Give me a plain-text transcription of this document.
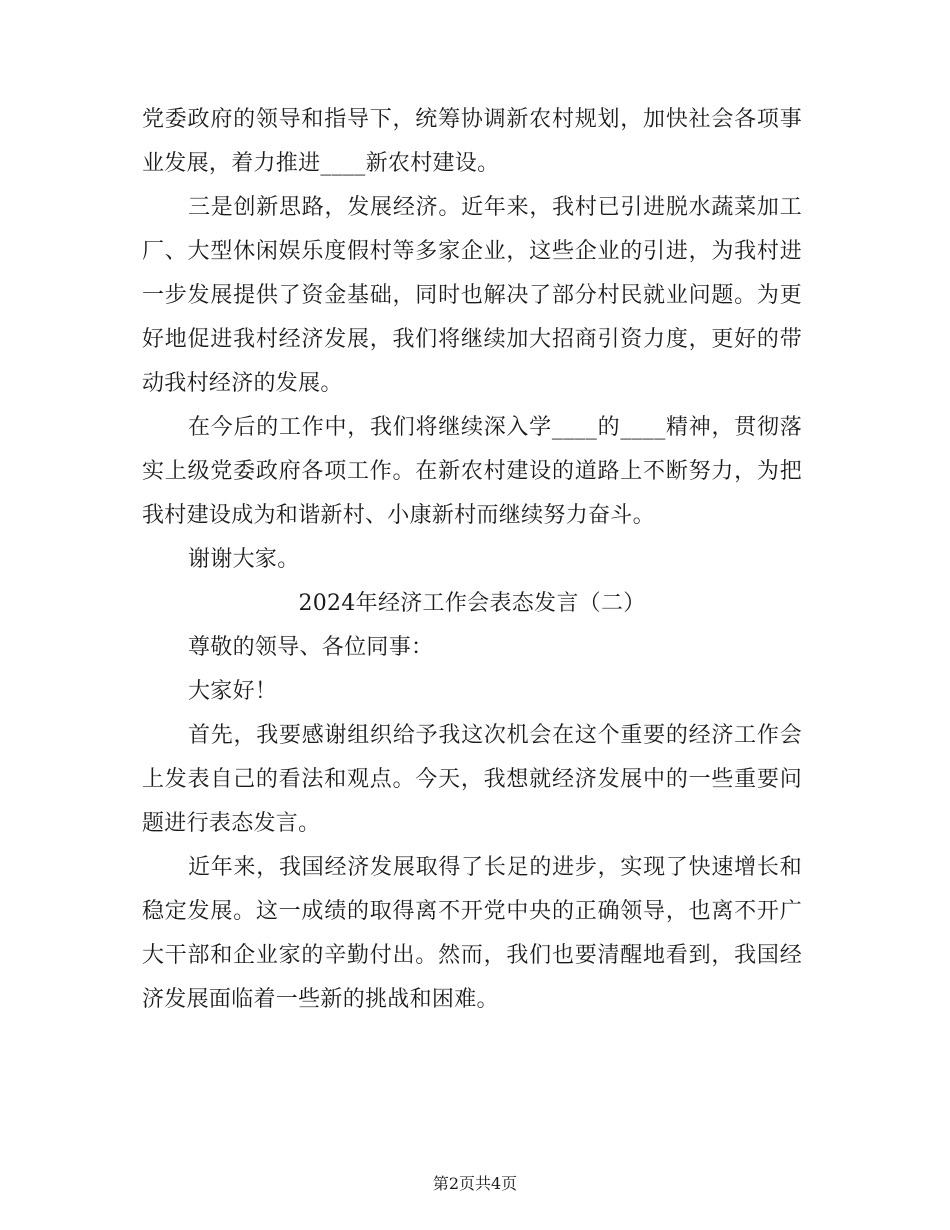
党委政府的领导和指导下，统筹协调新农村规划，加快社会各项事业发展，着力推进____新农村建设。

三是创新思路，发展经济。近年来，我村已引进脱水蔬菜加工厂、大型休闲娱乐度假村等多家企业，这些企业的引进，为我村进一步发展提供了资金基础，同时也解决了部分村民就业问题。为更好地促进我村经济发展，我们将继续加大招商引资力度，更好的带动我村经济的发展。

在今后的工作中，我们将继续深入学____的____精神，贯彻落实上级党委政府各项工作。在新农村建设的道路上不断努力，为把我村建设成为和谐新村、小康新村而继续努力奋斗。

谢谢大家。

2024年经济工作会表态发言（二）

尊敬的领导、各位同事：

大家好！

首先，我要感谢组织给予我这次机会在这个重要的经济工作会上发表自己的看法和观点。今天，我想就经济发展中的一些重要问题进行表态发言。

近年来，我国经济发展取得了长足的进步，实现了快速增长和稳定发展。这一成绩的取得离不开党中央的正确领导，也离不开广大干部和企业家的辛勤付出。然而，我们也要清醒地看到，我国经济发展面临着一些新的挑战和困难。

第2页共4页
